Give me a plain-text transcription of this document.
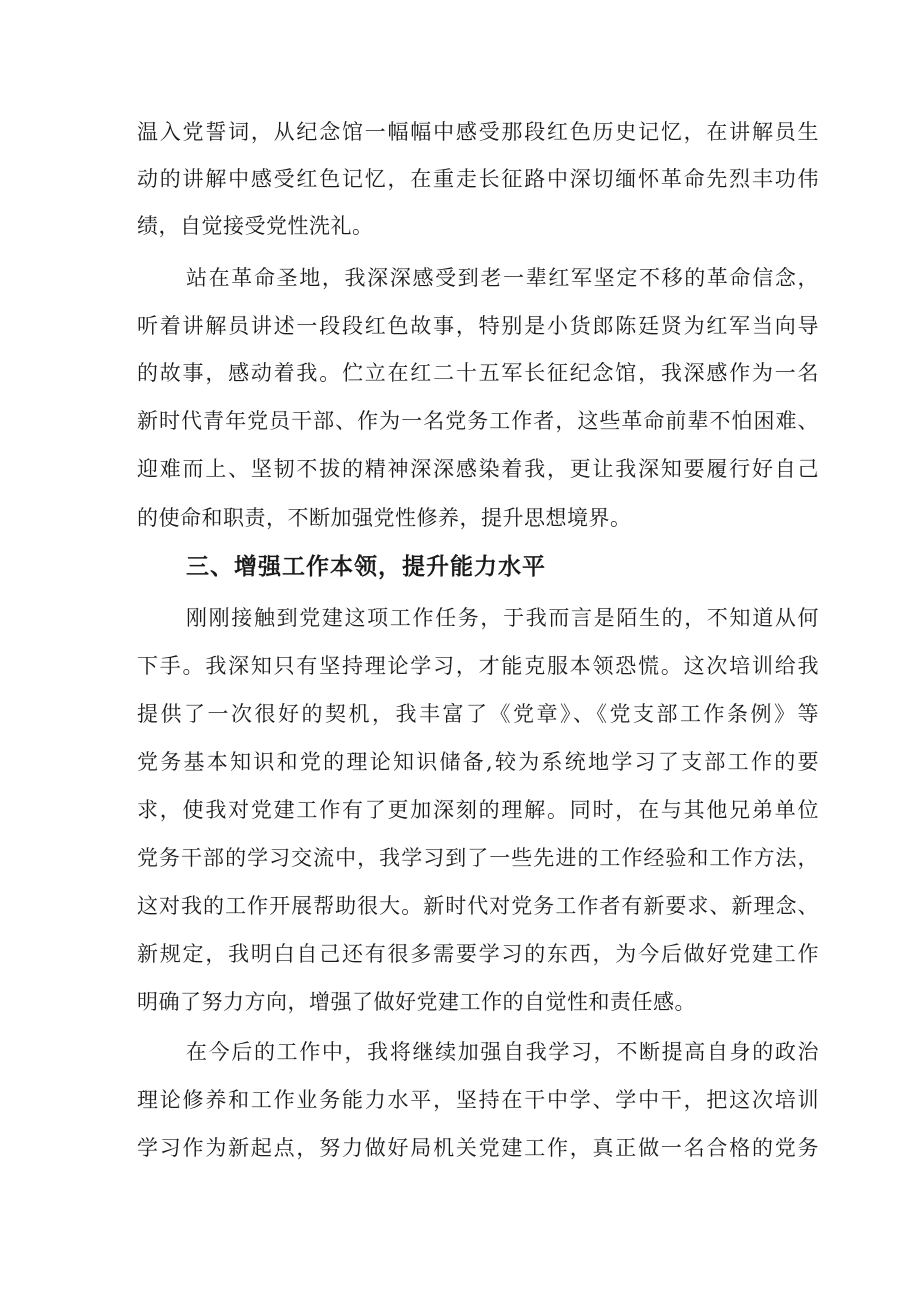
温入党誓词，从纪念馆一幅幅中感受那段红色历史记忆，在讲解员生
动的讲解中感受红色记忆，在重走长征路中深切缅怀革命先烈丰功伟
绩，自觉接受党性洗礼。
站在革命圣地，我深深感受到老一辈红军坚定不移的革命信念，
听着讲解员讲述一段段红色故事，特别是小货郎陈廷贤为红军当向导
的故事，感动着我。伫立在红二十五军长征纪念馆，我深感作为一名
新时代青年党员干部、作为一名党务工作者，这些革命前辈不怕困难、
迎难而上、坚韧不拔的精神深深感染着我，更让我深知要履行好自己
的使命和职责，不断加强党性修养，提升思想境界。
三、增强工作本领，提升能力水平
刚刚接触到党建这项工作任务，于我而言是陌生的，不知道从何
下手。我深知只有坚持理论学习，才能克服本领恐慌。这次培训给我
提供了一次很好的契机，我丰富了《党章》、《党支部工作条例》等
党务基本知识和党的理论知识储备,较为系统地学习了支部工作的要
求，使我对党建工作有了更加深刻的理解。同时，在与其他兄弟单位
党务干部的学习交流中，我学习到了一些先进的工作经验和工作方法，
这对我的工作开展帮助很大。新时代对党务工作者有新要求、新理念、
新规定，我明白自己还有很多需要学习的东西，为今后做好党建工作
明确了努力方向，增强了做好党建工作的自觉性和责任感。
在今后的工作中，我将继续加强自我学习，不断提高自身的政治
理论修养和工作业务能力水平，坚持在干中学、学中干，把这次培训
学习作为新起点，努力做好局机关党建工作，真正做一名合格的党务
